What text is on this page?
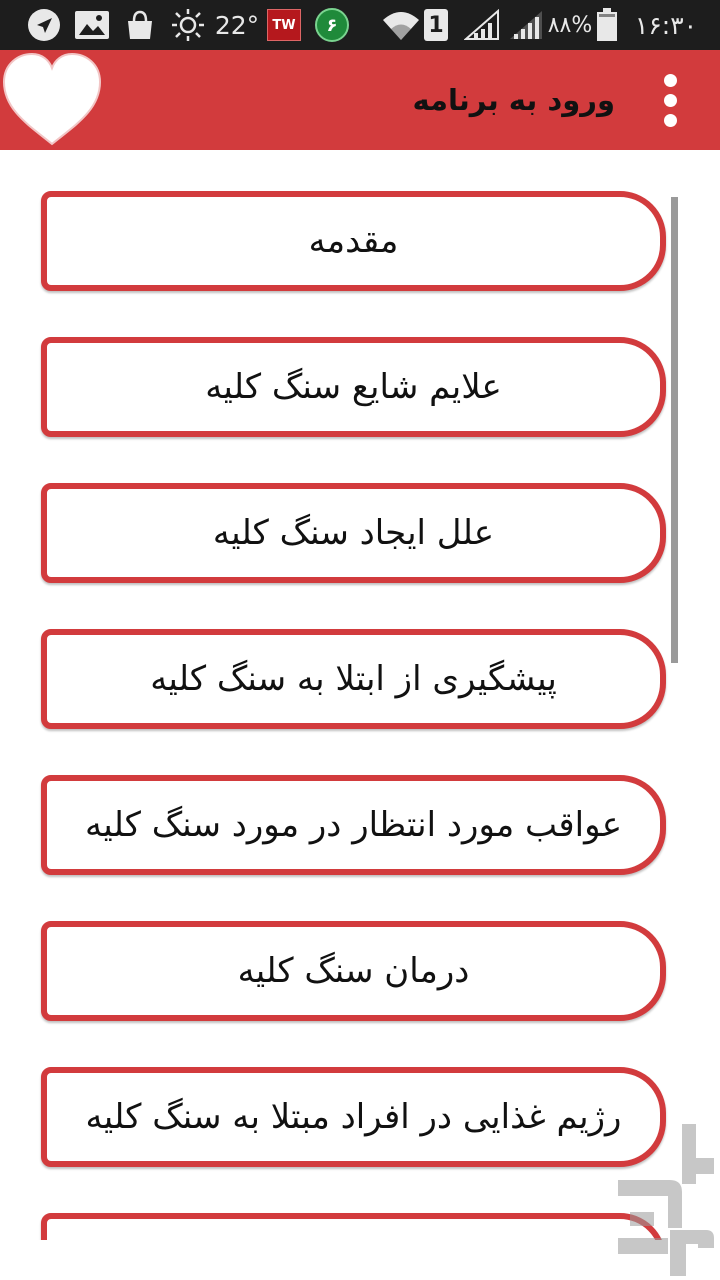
22°	TW	۶	1	۸۸%	۱۶:۳۰
ورود به برنامه
مقدمه
علایم شایع سنگ کلیه
علل ایجاد سنگ کلیه
پیشگیری از ابتلا به سنگ کلیه
عواقب مورد انتظار در مورد سنگ کلیه
درمان سنگ کلیه
رژیم غذایی در افراد مبتلا به سنگ کلیه
